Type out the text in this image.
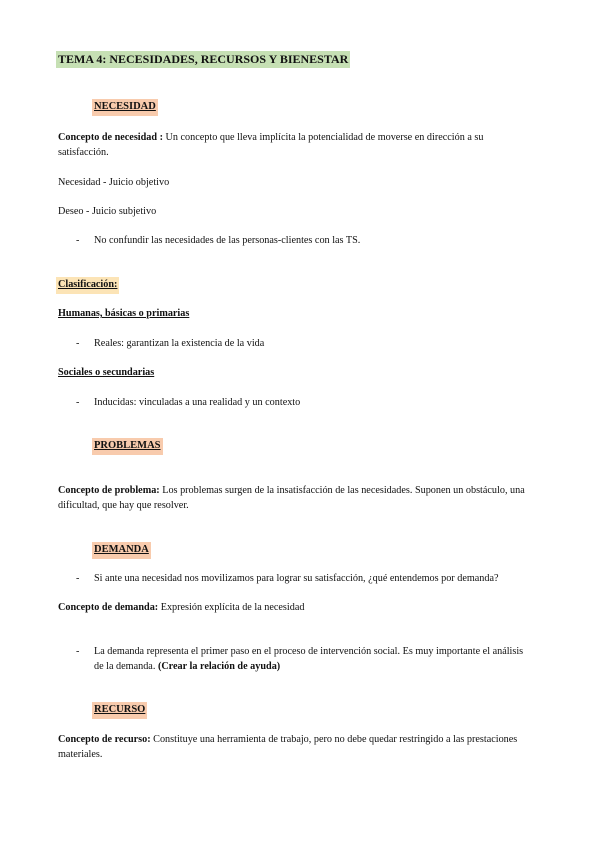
TEMA 4: NECESIDADES, RECURSOS Y BIENESTAR
NECESIDAD
Concepto de necesidad : Un concepto que lleva implícita la potencialidad de moverse en dirección a su satisfacción.
Necesidad - Juicio objetivo
Deseo - Juicio subjetivo
- No confundir las necesidades de las personas-clientes con las TS.
Clasificación:
Humanas, básicas o primarias
- Reales: garantizan la existencia de la vida
Sociales o secundarias
- Inducidas: vinculadas a una realidad y un contexto
PROBLEMAS
Concepto de problema: Los problemas surgen de la insatisfacción de las necesidades. Suponen un obstáculo, una dificultad, que hay que resolver.
DEMANDA
- Si ante una necesidad nos movilizamos para lograr su satisfacción, ¿qué entendemos por demanda?
Concepto de demanda: Expresión explícita de la necesidad
- La demanda representa el primer paso en el proceso de intervención social. Es muy importante el análisis de la demanda. (Crear la relación de ayuda)
RECURSO
Concepto de recurso: Constituye una herramienta de trabajo, pero no debe quedar restringido a las prestaciones materiales.
